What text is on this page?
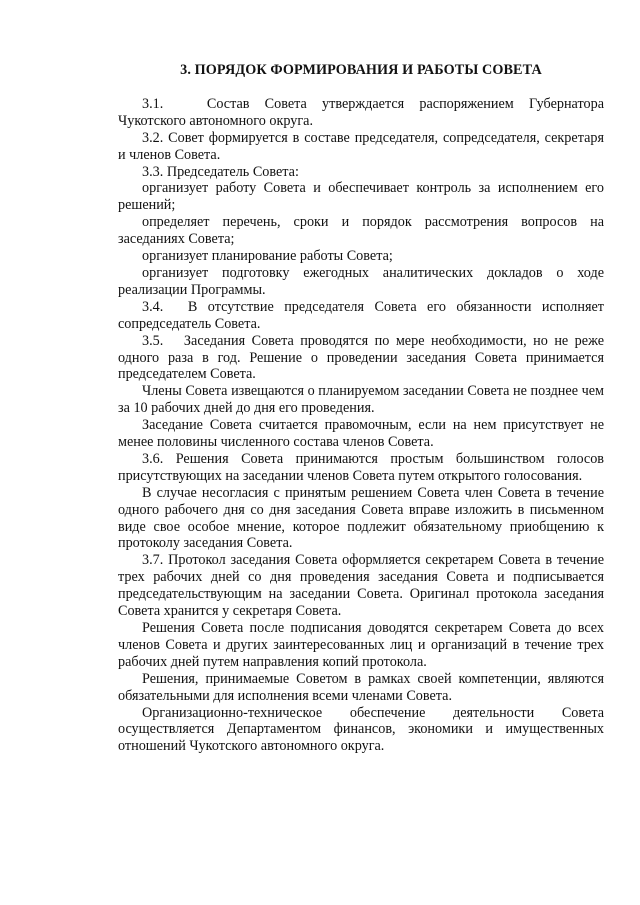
3. ПОРЯДОК ФОРМИРОВАНИЯ И РАБОТЫ СОВЕТА

3.1.   Состав Совета утверждается распоряжением Губернатора Чукотского автономного округа.

3.2. Совет формируется в составе председателя, сопредседателя, секретаря и членов Совета.

3.3. Председатель Совета:

организует работу Совета и обеспечивает контроль за исполнением его решений;

определяет перечень, сроки и порядок рассмотрения вопросов на заседаниях Совета;

организует планирование работы Совета;

организует подготовку ежегодных аналитических докладов о ходе реализации Программы.

3.4.  В отсутствие председателя Совета его обязанности исполняет сопредседатель Совета.

3.5.  Заседания Совета проводятся по мере необходимости, но не реже одного раза в год. Решение о проведении заседания Совета принимается председателем Совета.

Члены Совета извещаются о планируемом заседании Совета не позднее чем за 10 рабочих дней до дня его проведения.

Заседание Совета считается правомочным, если на нем присутствует не менее половины численного состава членов Совета.

3.6. Решения Совета принимаются простым большинством голосов присутствующих на заседании членов Совета путем открытого голосования.

В случае несогласия с принятым решением Совета член Совета в течение одного рабочего дня со дня заседания Совета вправе изложить в письменном виде свое особое мнение, которое подлежит обязательному приобщению к протоколу заседания Совета.

3.7. Протокол заседания Совета оформляется секретарем Совета в течение трех рабочих дней со дня проведения заседания Совета и подписывается председательствующим на заседании Совета. Оригинал протокола заседания Совета хранится у секретаря Совета.

Решения Совета после подписания доводятся секретарем Совета до всех членов Совета и других заинтересованных лиц и организаций в течение трех рабочих дней путем направления копий протокола.

Решения, принимаемые Советом в рамках своей компетенции, являются обязательными для исполнения всеми членами Совета.

Организационно-техническое обеспечение деятельности Совета осуществляется Департаментом финансов, экономики и имущественных отношений Чукотского автономного округа.
